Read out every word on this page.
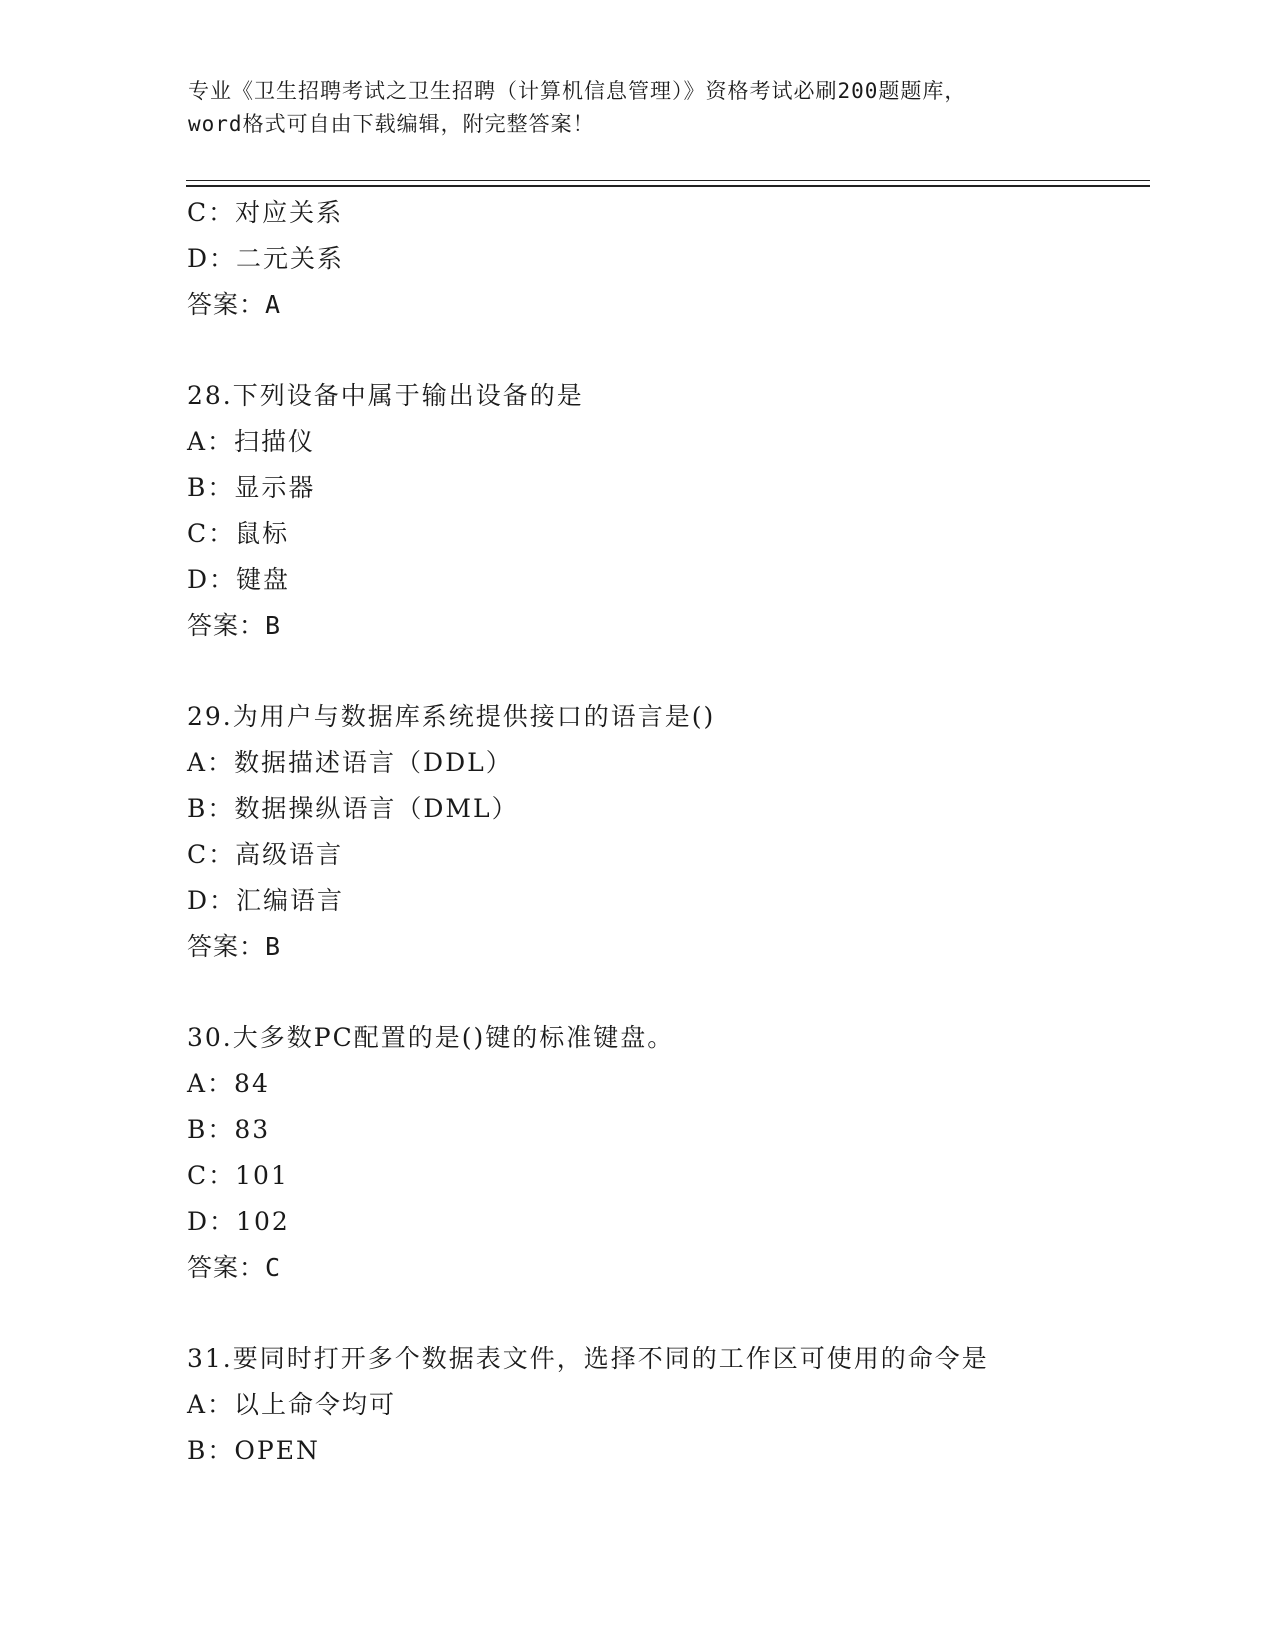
专业《卫生招聘考试之卫生招聘（计算机信息管理）》资格考试必刷200题题库，
word格式可自由下载编辑，附完整答案！
C：对应关系
D：二元关系
答案：A
28.下列设备中属于输出设备的是
A：扫描仪
B：显示器
C：鼠标
D：键盘
答案：B
29.为用户与数据库系统提供接口的语言是()
A：数据描述语言（DDL）
B：数据操纵语言（DML）
C：高级语言
D：汇编语言
答案：B
30.大多数PC配置的是()键的标准键盘。
A：84
B：83
C：101
D：102
答案：C
31.要同时打开多个数据表文件，选择不同的工作区可使用的命令是
A：以上命令均可
B：OPEN
